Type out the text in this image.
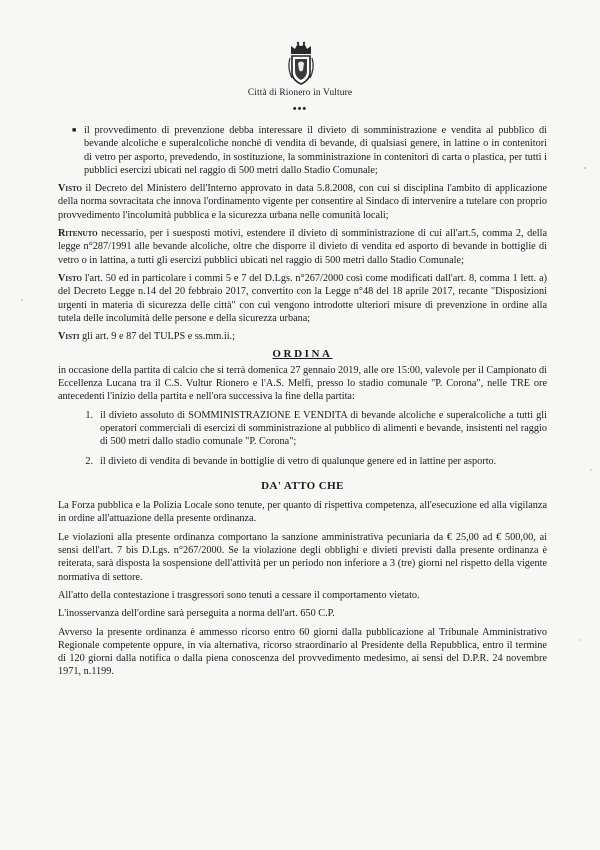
Città di Rionero in Vulture
•••
■ il provvedimento di prevenzione debba interessare il divieto di somministrazione e vendita al pubblico di bevande alcoliche e superalcoliche nonché di vendita di bevande, di qualsiasi genere, in lattine o in contenitori di vetro per asporto, prevedendo, in sostituzione, la somministrazione in contenitori di carta o plastica, per tutti i pubblici esercizi ubicati nel raggio di 500 metri dallo Stadio Comunale;

Visto il Decreto del Ministero dell'Interno approvato in data 5.8.2008, con cui si disciplina l'ambito di applicazione della norma sovracitata che innova l'ordinamento vigente per consentire al Sindaco di intervenire a tutelare con proprio provvedimento l'incolumità pubblica e la sicurezza urbana nelle comunità locali;

Ritenuto necessario, per i suesposti motivi, estendere il divieto di somministrazione di cui all'art.5, comma 2, della legge n°287/1991 alle bevande alcoliche, oltre che disporre il divieto di vendita ed asporto di bevande in bottiglie di vetro o in lattina, a tutti gli esercizi pubblici ubicati nel raggio di 500 metri dallo Stadio Comunale;

Visto l'art. 50 ed in particolare i commi 5 e 7 del D.Lgs. n°267/2000 così come modificati dall'art. 8, comma 1 lett. a) del Decreto Legge n.14 del 20 febbraio 2017, convertito con la Legge n°48 del 18 aprile 2017, recante "Disposizioni urgenti in materia di sicurezza delle città" con cui vengono introdotte ulteriori misure di prevenzione in ordine alla tutela delle incolumità delle persone e della sicurezza urbana;

Visti gli art. 9 e 87 del TULPS e ss.mm.ii.;

ORDINA

in occasione della partita di calcio che si terrà domenica 27 gennaio 2019, alle ore 15:00, valevole per il Campionato di Eccellenza Lucana tra il C.S. Vultur Rionero e l'A.S. Melfi, presso lo stadio comunale "P. Corona", nelle TRE ore antecedenti l'inizio della partita e nell'ora successiva la fine della partita:

1. il divieto assoluto di SOMMINISTRAZIONE E VENDITA di bevande alcoliche e superalcoliche a tutti gli operatori commerciali di esercizi di somministrazione al pubblico di alimenti e bevande, insistenti nel raggio di 500 metri dallo stadio comunale "P. Corona";
2. il divieto di vendita di bevande in bottiglie di vetro di qualunque genere ed in lattine per asporto.
DA' ATTO CHE

La Forza pubblica e la Polizia Locale sono tenute, per quanto di rispettiva competenza, all'esecuzione ed alla vigilanza in ordine all'attuazione della presente ordinanza.

Le violazioni alla presente ordinanza comportano la sanzione amministrativa pecuniaria da € 25,00 ad € 500,00, ai sensi dell'art. 7 bis D.Lgs. n°267/2000. Se la violazione degli obblighi e divieti previsti dalla presente ordinanza è reiterata, sarà disposta la sospensione dell'attività per un periodo non inferiore a 3 (tre) giorni nel rispetto della vigente normativa di settore.

All'atto della contestazione i trasgressori sono tenuti a cessare il comportamento vietato.

L'inosservanza dell'ordine sarà perseguita a norma dell'art. 650 C.P.

Avverso la presente ordinanza è ammesso ricorso entro 60 giorni dalla pubblicazione al Tribunale Amministrativo Regionale competente oppure, in via alternativa, ricorso straordinario al Presidente della Repubblica, entro il termine di 120 giorni dalla notifica o dalla piena conoscenza del provvedimento medesimo, ai sensi del D.P.R. 24 novembre 1971, n.1199.
